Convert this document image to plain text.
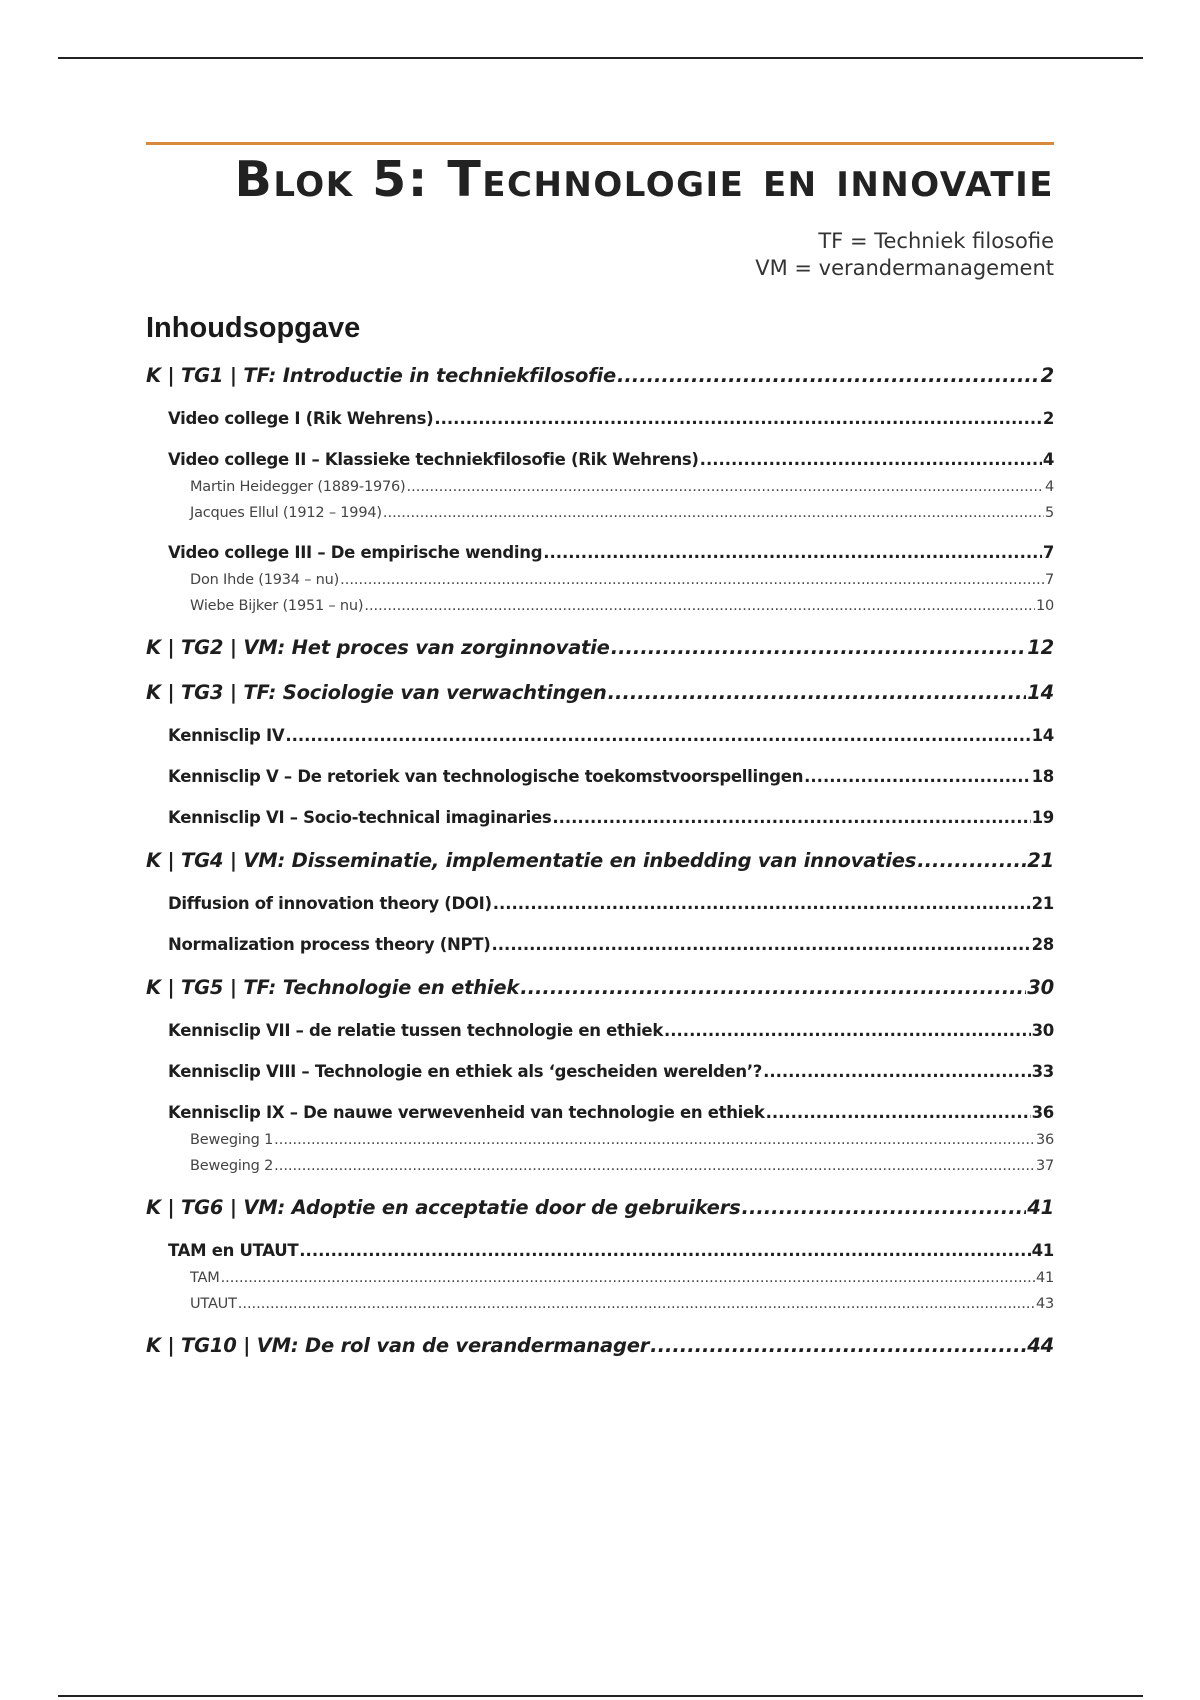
Blok 5: Technologie en innovatie
TF = Techniek filosofie
VM = verandermanagement
Inhoudsopgave
K | TG1 | TF: Introductie in techniekfilosofie .....	2
Video college I (Rik Wehrens) .....	2
Video college II – Klassieke techniekfilosofie (Rik Wehrens) .....	4
Martin Heidegger (1889-1976) .....	4
Jacques Ellul (1912 – 1994) .....	5
Video college III – De empirische wending .....	7
Don Ihde (1934 – nu) .....	7
Wiebe Bijker (1951 – nu) .....	10
K | TG2 | VM: Het proces van zorginnovatie .....	12
K | TG3 | TF: Sociologie van verwachtingen .....	14
Kennisclip IV .....	14
Kennisclip V – De retoriek van technologische toekomstvoorspellingen .....	18
Kennisclip VI – Socio-technical imaginaries .....	19
K | TG4 | VM: Disseminatie, implementatie en inbedding van innovaties .....	21
Diffusion of innovation theory (DOI) .....	21
Normalization process theory (NPT) .....	28
K | TG5 | TF: Technologie en ethiek .....	30
Kennisclip VII – de relatie tussen technologie en ethiek .....	30
Kennisclip VIII – Technologie en ethiek als ‘gescheiden werelden’? .....	33
Kennisclip IX – De nauwe verwevenheid van technologie en ethiek .....	36
Beweging 1 .....	36
Beweging 2 .....	37
K | TG6 | VM: Adoptie en acceptatie door de gebruikers .....	41
TAM en UTAUT .....	41
TAM .....	41
UTAUT .....	43
K | TG10 | VM: De rol van de verandermanager .....	44
